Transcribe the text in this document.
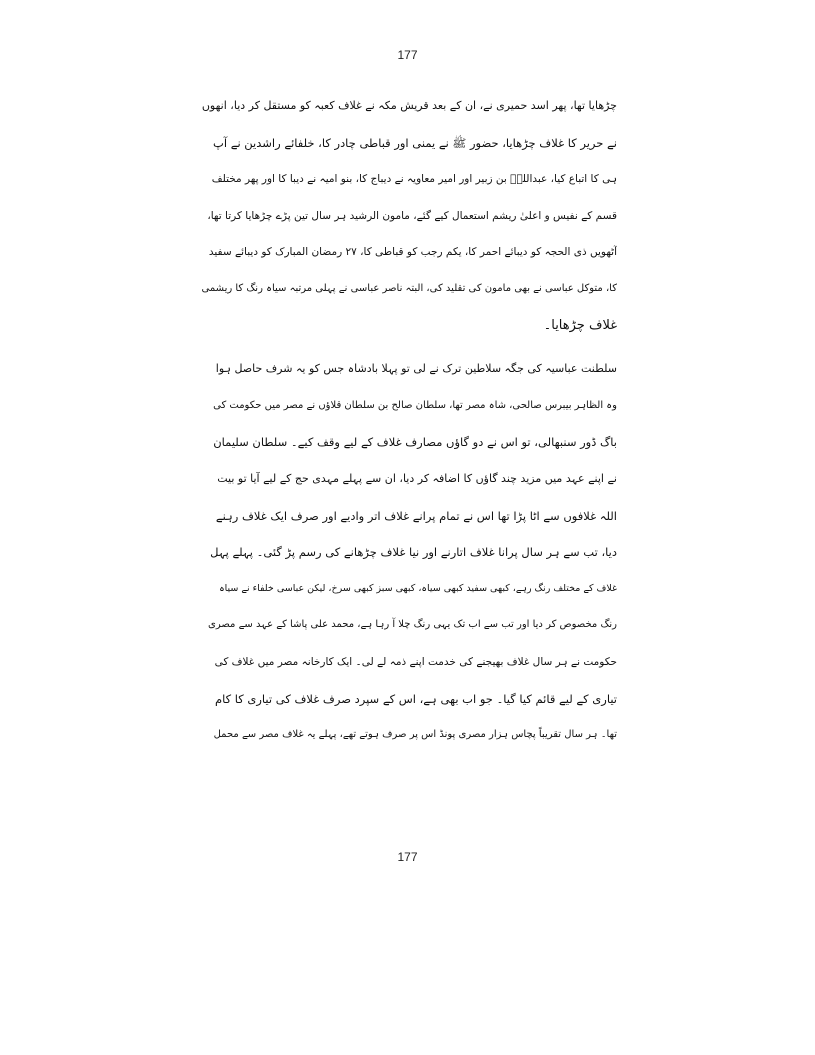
177
چڑھایا تھا، پھر اسد حمیری نے، ان کے بعد قریش مکہ نے غلاف کعبہ کو مستقل کر دیا، انھوں
نے حریر کا غلاف چڑھایا، حضور ﷺ نے یمنی اور قباطی چادر کا، خلفائے راشدین نے آپ
ہی کا اتباع کیا، عبداللہؓ بن زبیر اور امیر معاویہ نے دیباج کا، بنو امیہ نے دیبا کا اور پھر مختلف
قسم کے نفیس و اعلیٰ ریشم استعمال کیے گئے، مامون الرشید ہر سال تین پڑے چڑھایا کرتا تھا،
آٹھویں ذی الحجہ کو دیبائے احمر کا، یکم رجب کو قباطی کا، ۲۷ رمضان المبارک کو دیبائے سفید
کا، متوکل عباسی نے بھی مامون کی تقلید کی، البتہ ناصر عباسی نے پہلی مرتبہ سیاہ رنگ کا ریشمی
غلاف چڑھایا۔
سلطنت عباسیہ کی جگہ سلاطین ترک نے لی تو پہلا بادشاہ جس کو یہ شرف حاصل ہوا
وہ الظاہر بیبرس صالحی، شاہ مصر تھا، سلطان صالح بن سلطان قلاؤں نے مصر میں حکومت کی
باگ ڈور سنبھالی، تو اس نے دو گاؤں مصارف غلاف کے لیے وقف کیے۔ سلطان سلیمان
نے اپنے عہد میں مزید چند گاؤں کا اضافہ کر دیا، ان سے پہلے مہدی حج کے لیے آیا تو بیت
اللہ غلافوں سے اٹا پڑا تھا اس نے تمام پرانے غلاف اتر وادیے اور صرف ایک غلاف رہنے
دیا، تب سے ہر سال پرانا غلاف اتارنے اور نیا غلاف چڑھانے کی رسم پڑ گئی۔ پہلے پہل
غلاف کے مختلف رنگ رہے، کبھی سفید کبھی سیاہ، کبھی سبز کبھی سرخ، لیکن عباسی خلفاء نے سیاہ
رنگ مخصوص کر دیا اور تب سے اب تک یہی رنگ چلا آ رہا ہے، محمد علی پاشا کے عہد سے مصری
حکومت نے ہر سال غلاف بھیجنے کی خدمت اپنے ذمہ لے لی۔ ایک کارخانہ مصر میں غلاف کی
تیاری کے لیے قائم کیا گیا۔ جو اب بھی ہے، اس کے سپرد صرف غلاف کی تیاری کا کام
تھا۔ ہر سال تقریباً پچاس ہزار مصری پونڈ اس پر صرف ہوتے تھے، پہلے یہ غلاف مصر سے محمل
177
